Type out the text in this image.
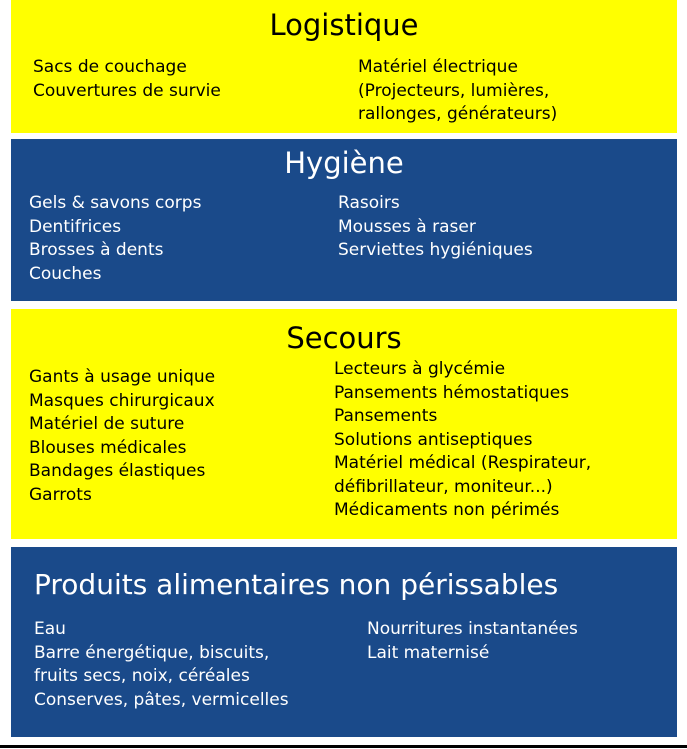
Logistique
Sacs de couchage
Couvertures de survie
Matériel électrique
(Projecteurs, lumières,
rallonges, générateurs)
Hygiène
Gels & savons corps
Dentifrices
Brosses à dents
Couches
Rasoirs
Mousses à raser
Serviettes hygiéniques
Secours
Gants à usage unique
Masques chirurgicaux
Matériel de suture
Blouses médicales
Bandages élastiques
Garrots
Lecteurs à glycémie
Pansements hémostatiques
Pansements
Solutions antiseptiques
Matériel médical (Respirateur,
défibrillateur, moniteur...)
Médicaments non périmés
Produits alimentaires non périssables
Eau
Barre énergétique, biscuits,
fruits secs, noix, céréales
Conserves, pâtes, vermicelles
Nourritures instantanées
Lait maternisé
